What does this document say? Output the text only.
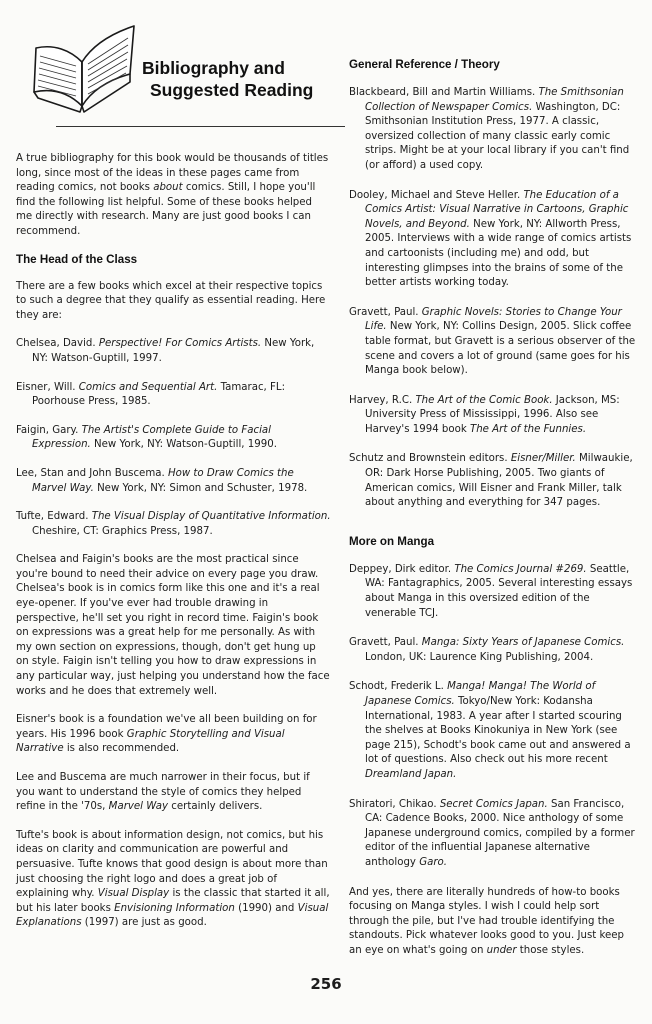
Bibliography and

Suggested Reading

A true bibliography for this book would be thousands of titles long, since most of the ideas in these pages came from reading comics, not books about comics. Still, I hope you'll find the following list helpful. Some of these books helped me directly with research. Many are just good books I can recommend.

The Head of the Class

There are a few books which excel at their respective topics to such a degree that they qualify as essential reading. Here they are:

Chelsea, David. Perspective! For Comics Artists. New York, NY: Watson-Guptill, 1997.

Eisner, Will. Comics and Sequential Art. Tamarac, FL: Poorhouse Press, 1985.

Faigin, Gary. The Artist's Complete Guide to Facial Expression. New York, NY: Watson-Guptill, 1990.

Lee, Stan and John Buscema. How to Draw Comics the Marvel Way. New York, NY: Simon and Schuster, 1978.

Tufte, Edward. The Visual Display of Quantitative Information. Cheshire, CT: Graphics Press, 1987.

Chelsea and Faigin's books are the most practical since you're bound to need their advice on every page you draw. Chelsea's book is in comics form like this one and it's a real eye-opener. If you've ever had trouble drawing in perspective, he'll set you right in record time. Faigin's book on expressions was a great help for me personally. As with my own section on expressions, though, don't get hung up on style. Faigin isn't telling you how to draw expressions in any particular way, just helping you understand how the face works and he does that extremely well.

Eisner's book is a foundation we've all been building on for years. His 1996 book Graphic Storytelling and Visual Narrative is also recommended.

Lee and Buscema are much narrower in their focus, but if you want to understand the style of comics they helped refine in the '70s, Marvel Way certainly delivers.

Tufte's book is about information design, not comics, but his ideas on clarity and communication are powerful and persuasive. Tufte knows that good design is about more than just choosing the right logo and does a great job of explaining why. Visual Display is the classic that started it all, but his later books Envisioning Information (1990) and Visual Explanations (1997) are just as good.

General Reference / Theory

Blackbeard, Bill and Martin Williams. The Smithsonian Collection of Newspaper Comics. Washington, DC: Smithsonian Institution Press, 1977. A classic, oversized collection of many classic early comic strips. Might be at your local library if you can't find (or afford) a used copy.

Dooley, Michael and Steve Heller. The Education of a Comics Artist: Visual Narrative in Cartoons, Graphic Novels, and Beyond. New York, NY: Allworth Press, 2005. Interviews with a wide range of comics artists and cartoonists (including me) and odd, but interesting glimpses into the brains of some of the better artists working today.

Gravett, Paul. Graphic Novels: Stories to Change Your Life. New York, NY: Collins Design, 2005. Slick coffee table format, but Gravett is a serious observer of the scene and covers a lot of ground (same goes for his Manga book below).

Harvey, R.C. The Art of the Comic Book. Jackson, MS: University Press of Mississippi, 1996. Also see Harvey's 1994 book The Art of the Funnies.

Schutz and Brownstein editors. Eisner/Miller. Milwaukie, OR: Dark Horse Publishing, 2005. Two giants of American comics, Will Eisner and Frank Miller, talk about anything and everything for 347 pages.

More on Manga

Deppey, Dirk editor. The Comics Journal #269. Seattle, WA: Fantagraphics, 2005. Several interesting essays about Manga in this oversized edition of the venerable TCJ.

Gravett, Paul. Manga: Sixty Years of Japanese Comics. London, UK: Laurence King Publishing, 2004.

Schodt, Frederik L. Manga! Manga! The World of Japanese Comics. Tokyo/New York: Kodansha International, 1983. A year after I started scouring the shelves at Books Kinokuniya in New York (see page 215), Schodt's book came out and answered a lot of questions. Also check out his more recent Dreamland Japan.

Shiratori, Chikao. Secret Comics Japan. San Francisco, CA: Cadence Books, 2000. Nice anthology of some Japanese underground comics, compiled by a former editor of the influential Japanese alternative anthology Garo.

And yes, there are literally hundreds of how-to books focusing on Manga styles. I wish I could help sort through the pile, but I've had trouble identifying the standouts. Pick whatever looks good to you. Just keep an eye on what's going on under those styles.

256
